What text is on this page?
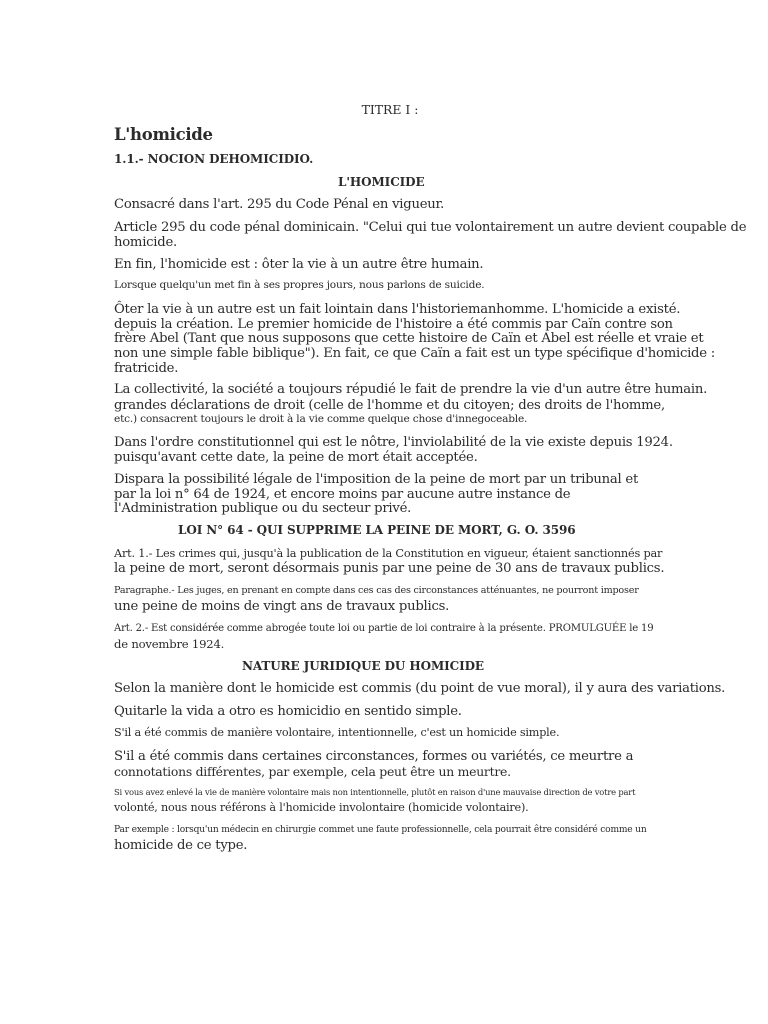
TITRE I :

L'homicide

1.1.- NOCION DEHOMICIDIO.

L'HOMICIDE

Consacré dans l'art. 295 du Code Pénal en vigueur.

Article 295 du code pénal dominicain. "Celui qui tue volontairement un autre devient coupable de

homicide.

En fin, l'homicide est : ôter la vie à un autre être humain.

Lorsque quelqu'un met fin à ses propres jours, nous parlons de suicide.

Ôter la vie à un autre est un fait lointain dans l'historiemanhomme. L'homicide a existé.

depuis la création. Le premier homicide de l'histoire a été commis par Caïn contre son

frère Abel (Tant que nous supposons que cette histoire de Caïn et Abel est réelle et vraie et

non une simple fable biblique"). En fait, ce que Caïn a fait est un type spécifique d'homicide :

fratricide.

La collectivité, la société a toujours répudié le fait de prendre la vie d'un autre être humain.

grandes déclarations de droit (celle de l'homme et du citoyen; des droits de l'homme,

etc.) consacrent toujours le droit à la vie comme quelque chose d'innegoceable.

Dans l'ordre constitutionnel qui est le nôtre, l'inviolabilité de la vie existe depuis 1924.

puisqu'avant cette date, la peine de mort était acceptée.

Dispara la possibilité légale de l'imposition de la peine de mort par un tribunal et

par la loi n° 64 de 1924, et encore moins par aucune autre instance de

l'Administration publique ou du secteur privé.

LOI N° 64 - QUI SUPPRIME LA PEINE DE MORT, G. O. 3596

Art. 1.- Les crimes qui, jusqu'à la publication de la Constitution en vigueur, étaient sanctionnés par

la peine de mort, seront désormais punis par une peine de 30 ans de travaux publics.

Paragraphe.- Les juges, en prenant en compte dans ces cas des circonstances atténuantes, ne pourront imposer

une peine de moins de vingt ans de travaux publics.

Art. 2.- Est considérée comme abrogée toute loi ou partie de loi contraire à la présente. PROMULGUÉE le 19

de novembre 1924.

NATURE JURIDIQUE DU HOMICIDE

Selon la manière dont le homicide est commis (du point de vue moral), il y aura des variations.

Quitarle la vida a otro es homicidio en sentido simple.

S'il a été commis de manière volontaire, intentionnelle, c'est un homicide simple.

S'il a été commis dans certaines circonstances, formes ou variétés, ce meurtre a

connotations différentes, par exemple, cela peut être un meurtre.

Si vous avez enlevé la vie de manière volontaire mais non intentionnelle, plutôt en raison d'une mauvaise direction de votre part

volonté, nous nous référons à l'homicide involontaire (homicide volontaire).

Par exemple : lorsqu'un médecin en chirurgie commet une faute professionnelle, cela pourrait être considéré comme un

homicide de ce type.
